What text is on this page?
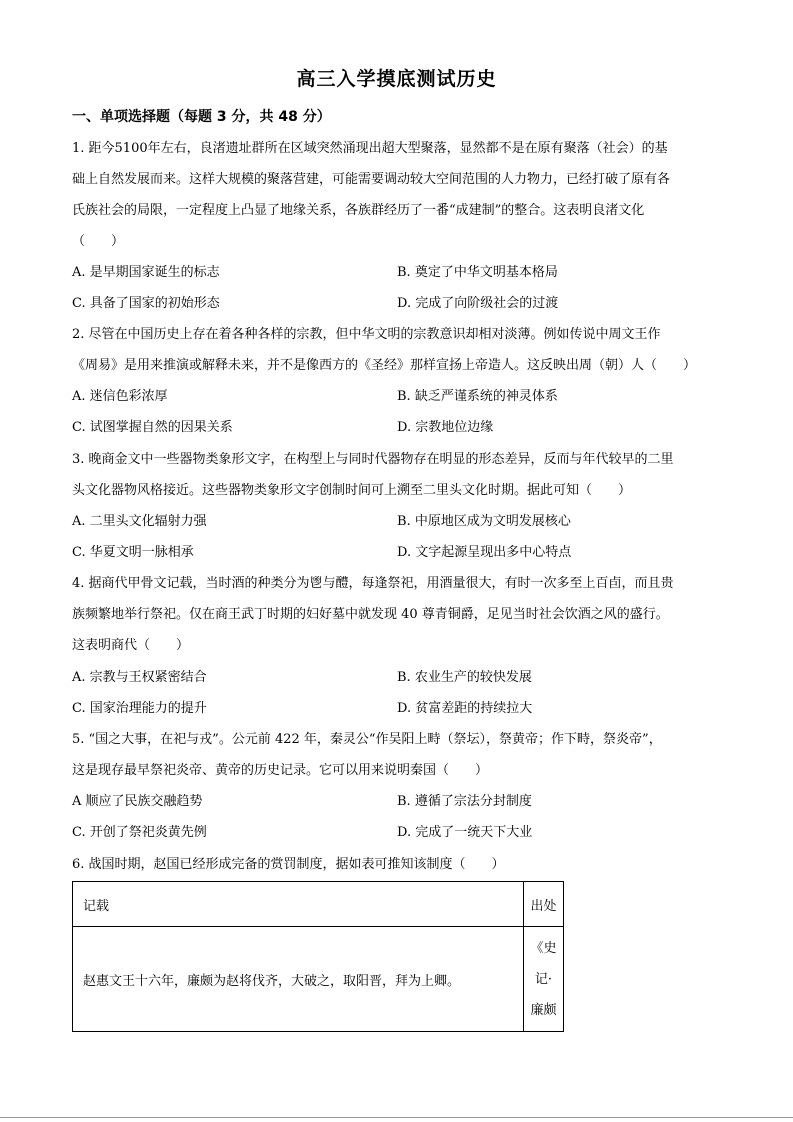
高三入学摸底测试历史
一、单项选择题（每题 3 分，共 48 分）
1. 距今5100年左右，良渚遗址群所在区域突然涌现出超大型聚落，显然都不是在原有聚落（社会）的基
础上自然发展而来。这样大规模的聚落营建，可能需要调动较大空间范围的人力物力，已经打破了原有各
氏族社会的局限，一定程度上凸显了地缘关系，各族群经历了一番“成建制”的整合。这表明良渚文化
（　　）
A. 是早期国家诞生的标志	B. 奠定了中华文明基本格局
C. 具备了国家的初始形态	D. 完成了向阶级社会的过渡
2. 尽管在中国历史上存在着各种各样的宗教，但中华文明的宗教意识却相对淡薄。例如传说中周文王作
《周易》是用来推演或解释未来，并不是像西方的《圣经》那样宣扬上帝造人。这反映出周（朝）人（　　）
A. 迷信色彩浓厚	B. 缺乏严谨系统的神灵体系
C. 试图掌握自然的因果关系	D. 宗教地位边缘
3. 晚商金文中一些器物类象形文字，在构型上与同时代器物存在明显的形态差异，反而与年代较早的二里
头文化器物风格接近。这些器物类象形文字创制时间可上溯至二里头文化时期。据此可知（　　）
A. 二里头文化辐射力强	B. 中原地区成为文明发展核心
C. 华夏文明一脉相承	D. 文字起源呈现出多中心特点
4. 据商代甲骨文记载，当时酒的种类分为鬯与醴，每逢祭祀，用酒量很大，有时一次多至上百卣，而且贵
族频繁地举行祭祀。仅在商王武丁时期的妇好墓中就发现 40 尊青铜爵，足见当时社会饮酒之风的盛行。
这表明商代（　　）
A. 宗教与王权紧密结合	B. 农业生产的较快发展
C. 国家治理能力的提升	D. 贫富差距的持续拉大
5. “国之大事，在祀与戎”。公元前 422 年，秦灵公“作吴阳上畤（祭坛），祭黄帝；作下畤，祭炎帝”，
这是现存最早祭祀炎帝、黄帝的历史记录。它可以用来说明秦国（　　）
A 顺应了民族交融趋势	B. 遵循了宗法分封制度
C. 开创了祭祀炎黄先例	D. 完成了一统天下大业
6. 战国时期，赵国已经形成完备的赏罚制度，据如表可推知该制度（　　）
记载	出处
赵惠文王十六年，廉颇为赵将伐齐，大破之，取阳晋，拜为上卿。	《史
记·
廉颇
